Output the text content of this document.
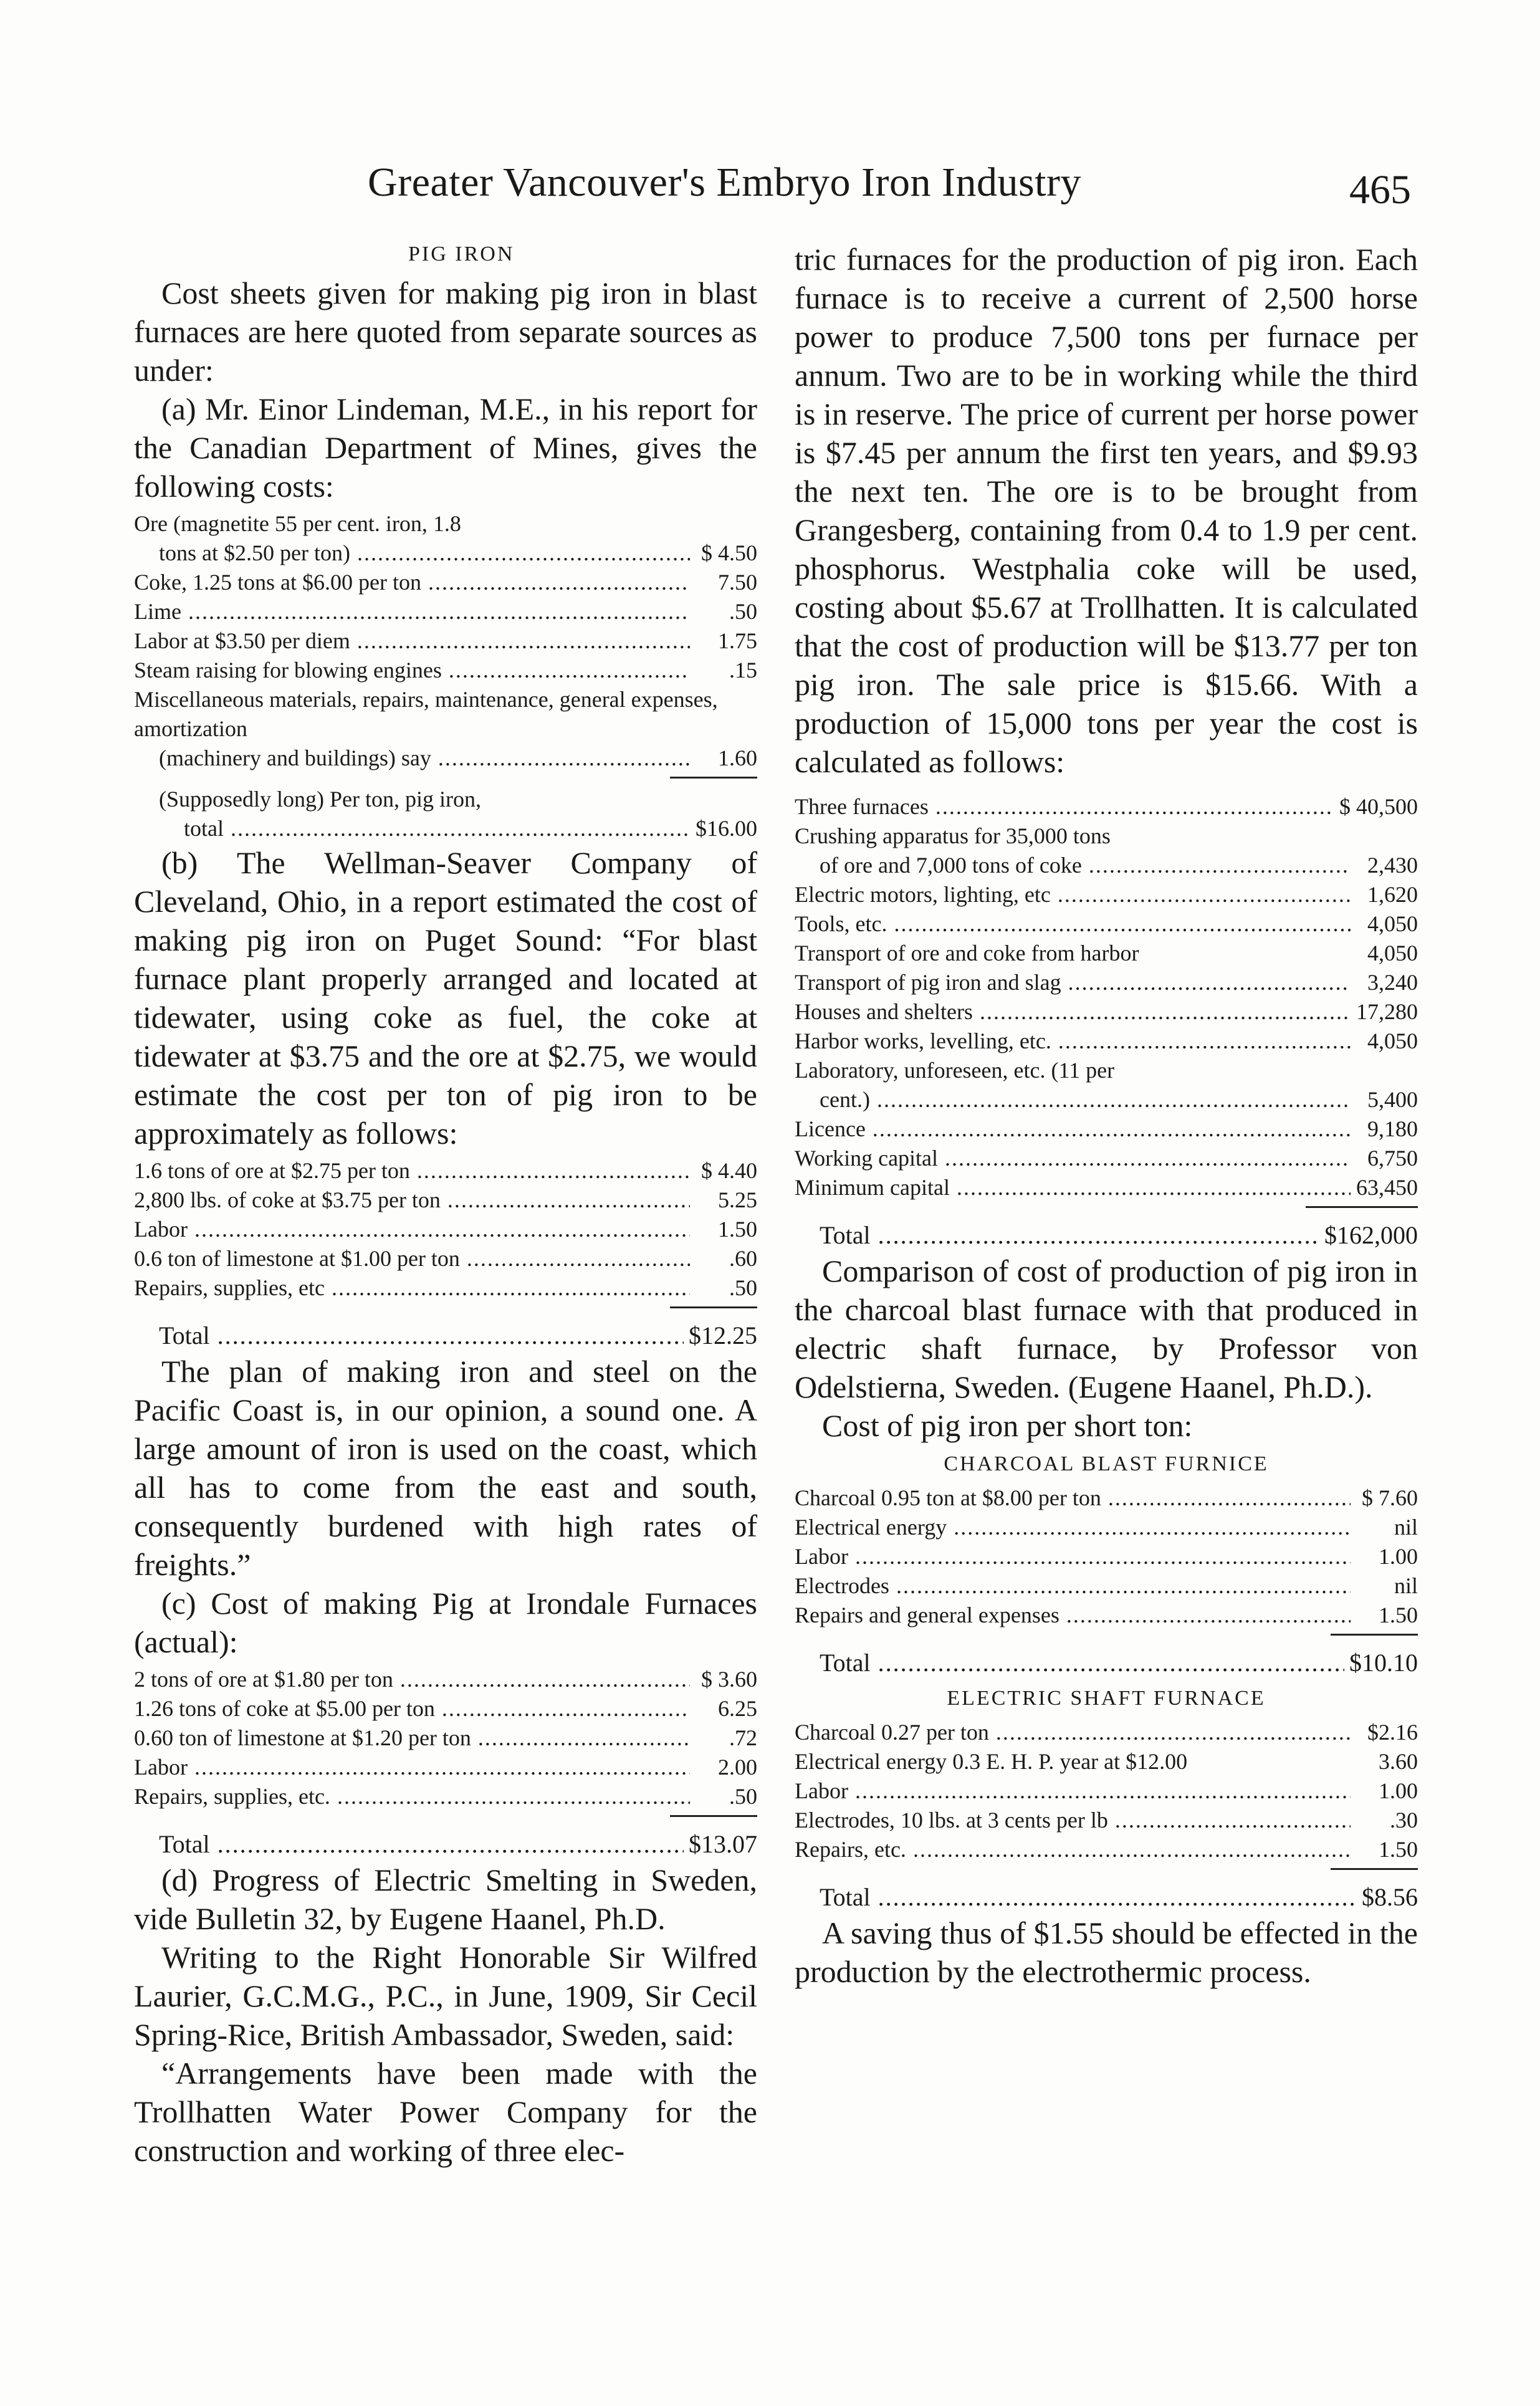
Greater Vancouver's Embryo Iron Industry	465
PIG IRON

Cost sheets given for making pig iron in blast furnaces are here quoted from separate sources as under:

(a) Mr. Einor Lindeman, M.E., in his report for the Canadian Department of Mines, gives the following costs:

Ore (magnetite 55 per cent. iron, 1.8
tons at $2.50 per ton) .....	$ 4.50
Coke, 1.25 tons at $6.00 per ton .....	7.50
Lime .....	.50
Labor at $3.50 per diem .....	1.75
Steam raising for blowing engines .....	.15
Miscellaneous materials, repairs, maintenance, general expenses, amortization
(machinery and buildings) say .....	1.60
(Supposedly long) Per ton, pig iron,
total .....	$16.00

(b) The Wellman-Seaver Company of Cleveland, Ohio, in a report estimated the cost of making pig iron on Puget Sound: “For blast furnace plant properly arranged and located at tidewater, using coke as fuel, the coke at tidewater at $3.75 and the ore at $2.75, we would estimate the cost per ton of pig iron to be approximately as follows:

1.6 tons of ore at $2.75 per ton .....	$ 4.40
2,800 lbs. of coke at $3.75 per ton .....	5.25
Labor .....	1.50
0.6 ton of limestone at $1.00 per ton .....	.60
Repairs, supplies, etc .....	.50
Total .....	$12.25

The plan of making iron and steel on the Pacific Coast is, in our opinion, a sound one. A large amount of iron is used on the coast, which all has to come from the east and south, consequently burdened with high rates of freights.”

(c) Cost of making Pig at Irondale Furnaces (actual):

2 tons of ore at $1.80 per ton .....	$ 3.60
1.26 tons of coke at $5.00 per ton .....	6.25
0.60 ton of limestone at $1.20 per ton .....	.72
Labor .....	2.00
Repairs, supplies, etc. .....	.50
Total .....	$13.07

(d) Progress of Electric Smelting in Sweden, vide Bulletin 32, by Eugene Haanel, Ph.D.

Writing to the Right Honorable Sir Wilfred Laurier, G.C.M.G., P.C., in June, 1909, Sir Cecil Spring-Rice, British Ambassador, Sweden, said:

“Arrangements have been made with the Trollhatten Water Power Company for the construction and working of three elec-

tric furnaces for the production of pig iron. Each furnace is to receive a current of 2,500 horse power to produce 7,500 tons per furnace per annum. Two are to be in working while the third is in reserve. The price of current per horse power is $7.45 per annum the first ten years, and $9.93 the next ten. The ore is to be brought from Grangesberg, containing from 0.4 to 1.9 per cent. phosphorus. Westphalia coke will be used, costing about $5.67 at Trollhatten. It is calculated that the cost of production will be $13.77 per ton pig iron. The sale price is $15.66. With a production of 15,000 tons per year the cost is calculated as follows:

Three furnaces .....	$ 40,500
Crushing apparatus for 35,000 tons
of ore and 7,000 tons of coke .....	2,430
Electric motors, lighting, etc .....	1,620
Tools, etc. .....	4,050
Transport of ore and coke from harbor	4,050
Transport of pig iron and slag .....	3,240
Houses and shelters .....	17,280
Harbor works, levelling, etc. .....	4,050
Laboratory, unforeseen, etc. (11 per
cent.) .....	5,400
Licence .....	9,180
Working capital .....	6,750
Minimum capital .....	63,450
Total .....	$162,000

Comparison of cost of production of pig iron in the charcoal blast furnace with that produced in electric shaft furnace, by Professor von Odelstierna, Sweden. (Eugene Haanel, Ph.D.).

Cost of pig iron per short ton:

CHARCOAL BLAST FURNICE
Charcoal 0.95 ton at $8.00 per ton .....	$ 7.60
Electrical energy .....	nil
Labor .....	1.00
Electrodes .....	nil
Repairs and general expenses .....	1.50
Total .....	$10.10
ELECTRIC SHAFT FURNACE
Charcoal 0.27 per ton .....	$2.16
Electrical energy 0.3 E. H. P. year at $12.00	3.60
Labor .....	1.00
Electrodes, 10 lbs. at 3 cents per lb .....	.30
Repairs, etc. .....	1.50
Total .....	$8.56

A saving thus of $1.55 should be effected in the production by the electrothermic process.
